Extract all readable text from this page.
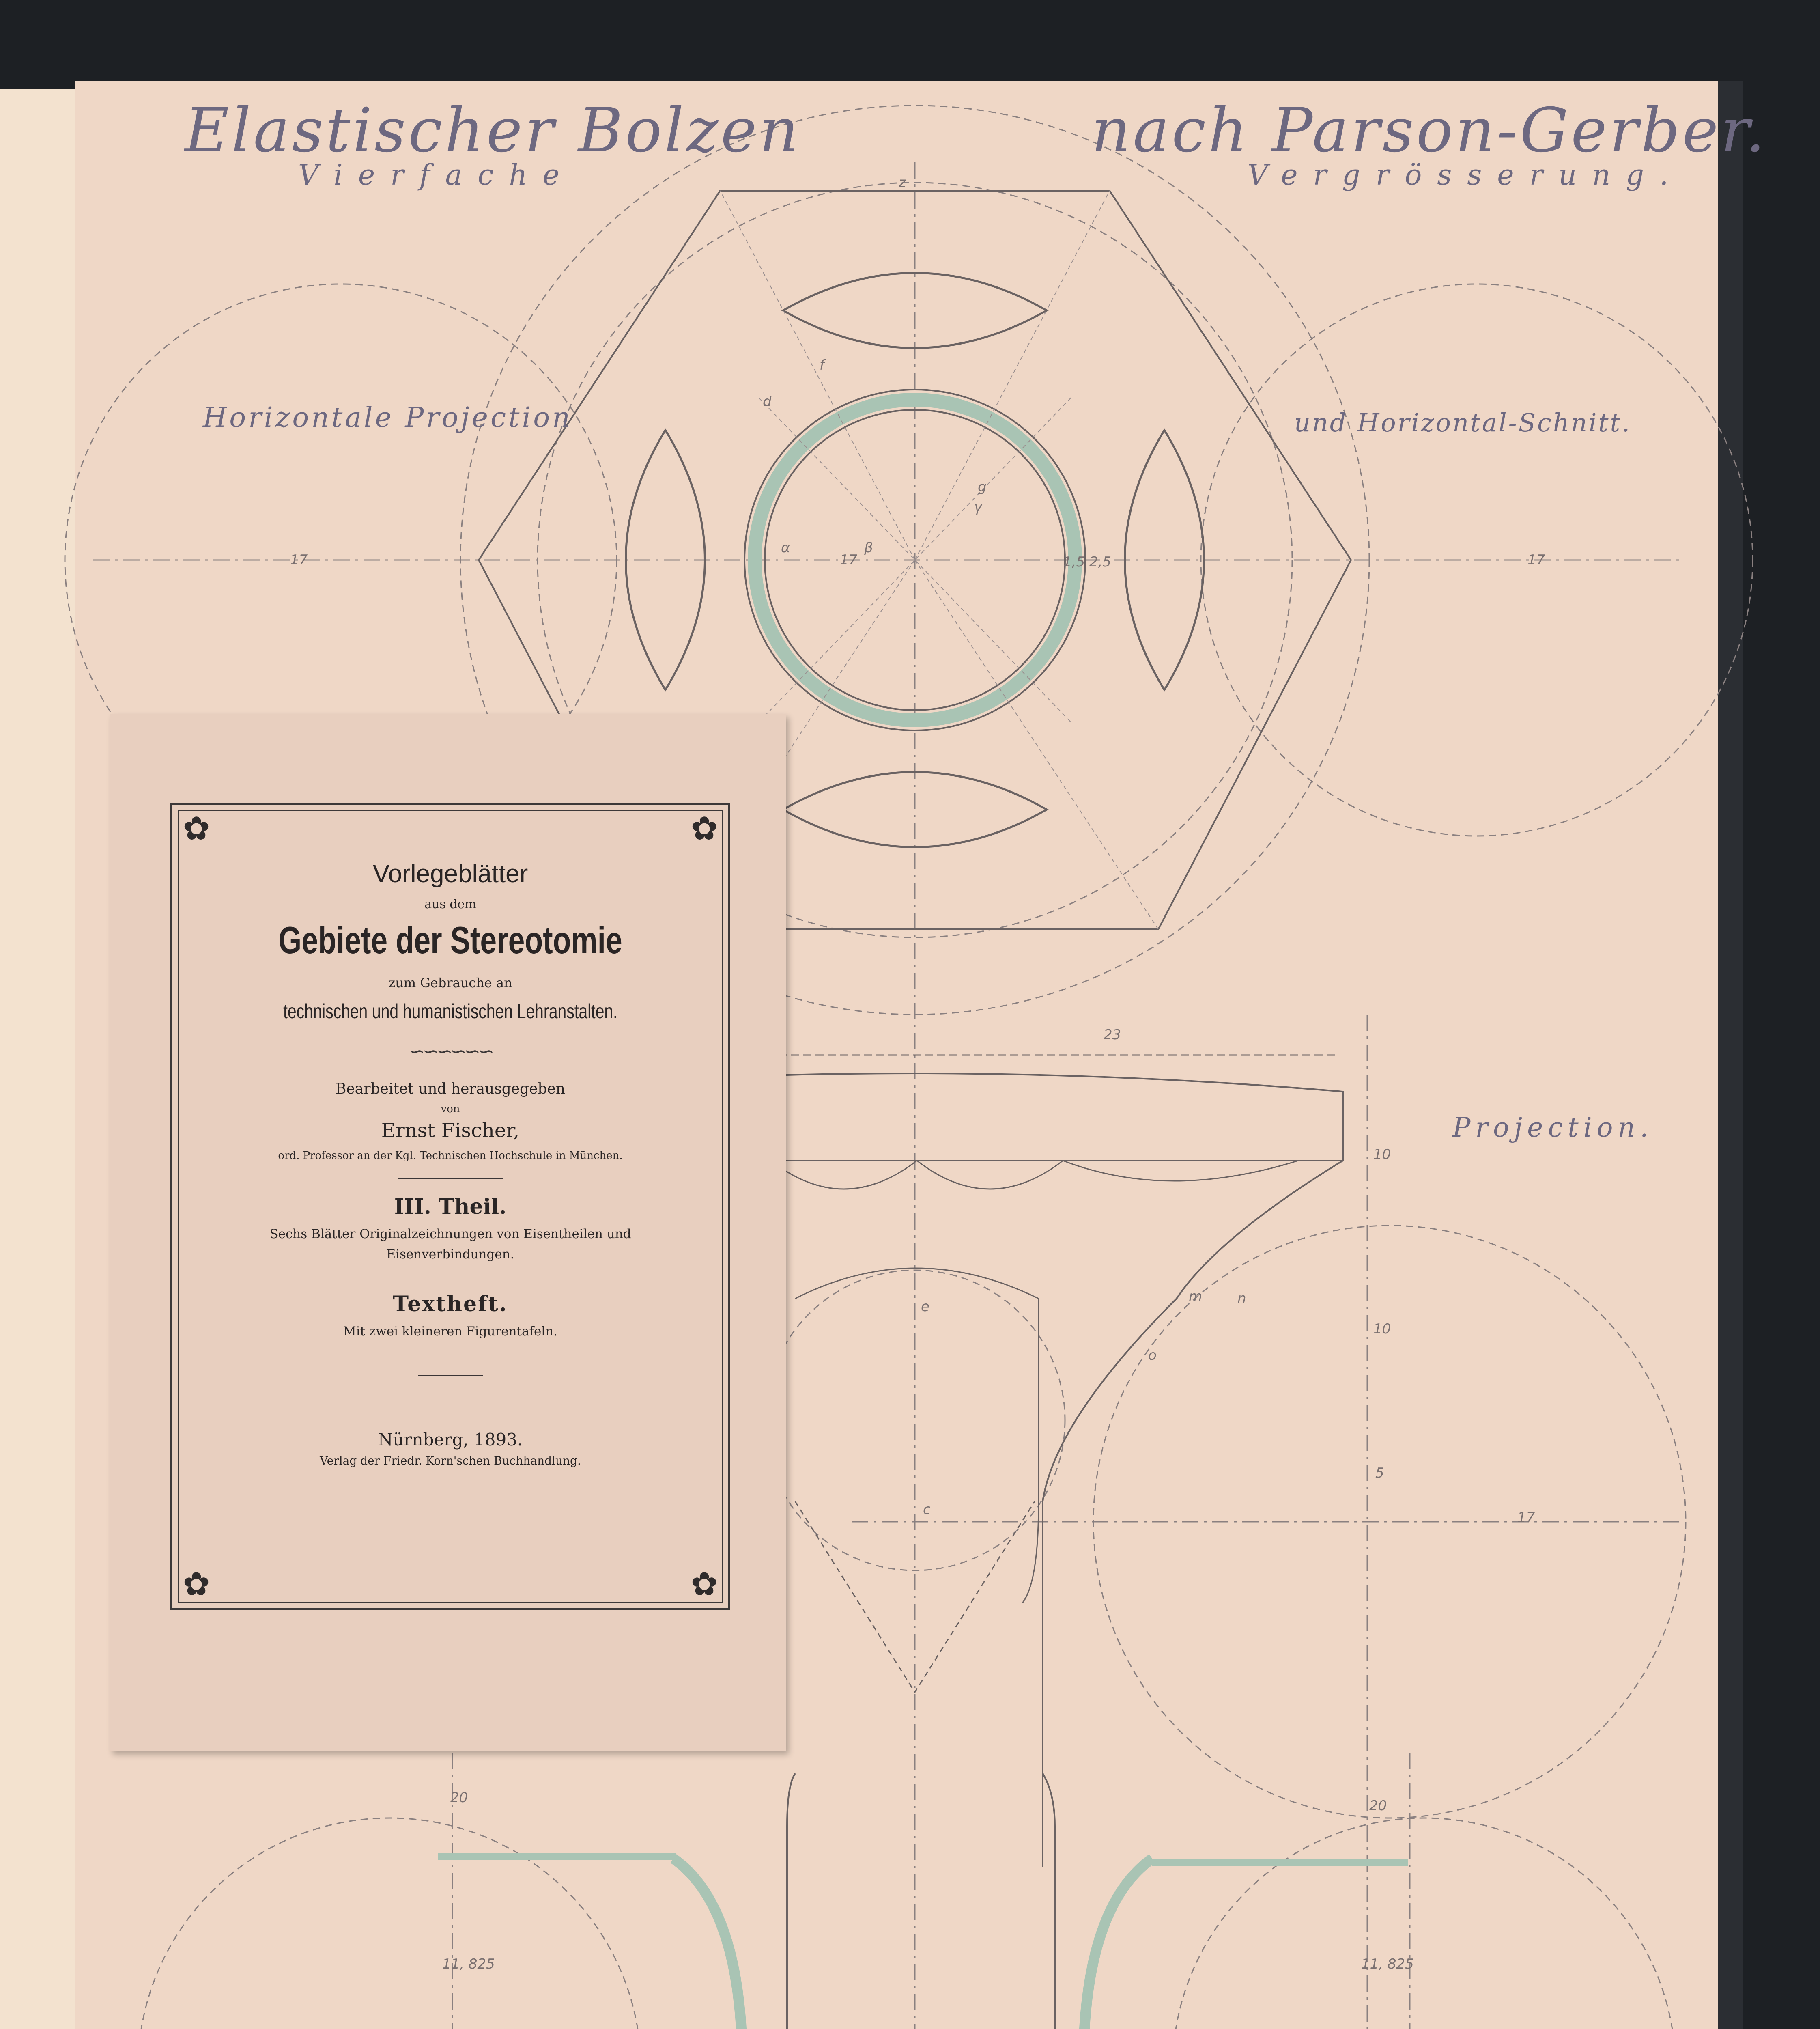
Elastischer Bolzen	nach Parson-Gerber.
Vierfache	Vergrösserung.
Horizontale Projection	und Horizontal-Schnitt.
Projection.
17	17
17
17
23
10
10
5
20	20
11, 825	11, 825
1,5 2,5
z
α	β
γ
m	n
o
e
c
d
f
g
✿	✿
✿	✿
Vorlegeblätter
aus dem
Gebiete der Stereotomie
zum Gebrauche an
technischen und humanistischen Lehranstalten.
∽∽∽∽∽∽
Bearbeitet und herausgegeben
von
Ernst Fischer,
ord. Professor an der Kgl. Technischen Hochschule in München.
III. Theil.
Sechs Blätter Originalzeichnungen von Eisentheilen und
Eisenverbindungen.
Textheft.
Mit zwei kleineren Figurentafeln.
Nürnberg, 1893.
Verlag der Friedr. Korn'schen Buchhandlung.
